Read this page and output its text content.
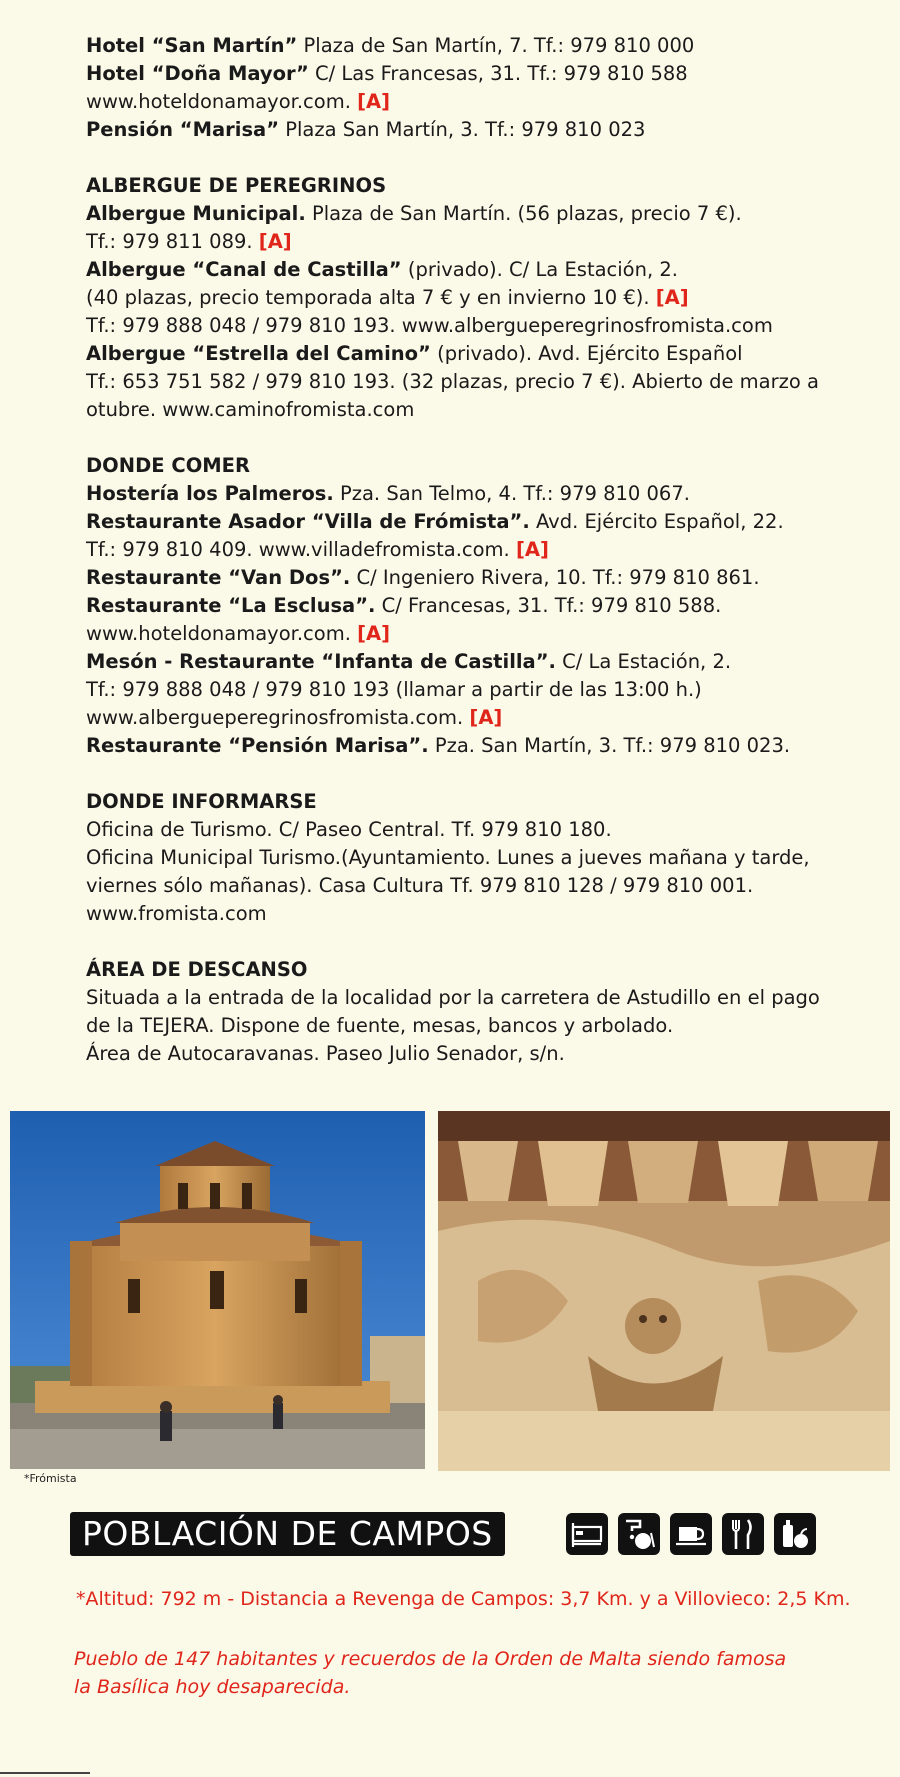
Hotel “San Martín” Plaza de San Martín, 7. Tf.: 979 810 000
Hotel “Doña Mayor” C/ Las Francesas, 31. Tf.: 979 810 588
www.hoteldonamayor.com. [A]
Pensión “Marisa” Plaza San Martín, 3. Tf.: 979 810 023
ALBERGUE DE PEREGRINOS
Albergue Municipal. Plaza de San Martín. (56 plazas, precio 7 €).
Tf.: 979 811 089. [A]
Albergue “Canal de Castilla” (privado). C/ La Estación, 2.
(40 plazas, precio temporada alta 7 € y en invierno 10 €). [A]
Tf.: 979 888 048 / 979 810 193. www.albergueperegrinosfromista.com
Albergue “Estrella del Camino” (privado). Avd. Ejército Español
Tf.: 653 751 582 / 979 810 193. (32 plazas, precio 7 €). Abierto de marzo a
otubre. www.caminofromista.com
DONDE COMER
Hostería los Palmeros. Pza. San Telmo, 4. Tf.: 979 810 067.
Restaurante Asador “Villa de Frómista”. Avd. Ejército Español, 22.
Tf.: 979 810 409. www.villadefromista.com. [A]
Restaurante “Van Dos”. C/ Ingeniero Rivera, 10. Tf.: 979 810 861.
Restaurante “La Esclusa”. C/ Francesas, 31. Tf.: 979 810 588.
www.hoteldonamayor.com. [A]
Mesón - Restaurante “Infanta de Castilla”. C/ La Estación, 2.
Tf.: 979 888 048 / 979 810 193 (llamar a partir de las 13:00 h.)
www.albergueperegrinosfromista.com. [A]
Restaurante “Pensión Marisa”. Pza. San Martín, 3. Tf.: 979 810 023.
DONDE INFORMARSE
Oficina de Turismo. C/ Paseo Central. Tf. 979 810 180.
Oficina Municipal Turismo.(Ayuntamiento. Lunes a jueves mañana y tarde,
viernes sólo mañanas). Casa Cultura Tf. 979 810 128 / 979 810 001.
www.fromista.com
ÁREA DE DESCANSO
Situada a la entrada de la localidad por la carretera de Astudillo en el pago
de la TEJERA. Dispone de fuente, mesas, bancos y arbolado.
Área de Autocaravanas. Paseo Julio Senador, s/n.
*Frómista
POBLACIÓN DE CAMPOS
*Altitud: 792 m - Distancia a Revenga de Campos: 3,7 Km. y a Villovieco: 2,5 Km.
Pueblo de 147 habitantes y recuerdos de la Orden de Malta siendo famosa
la Basílica hoy desaparecida.
